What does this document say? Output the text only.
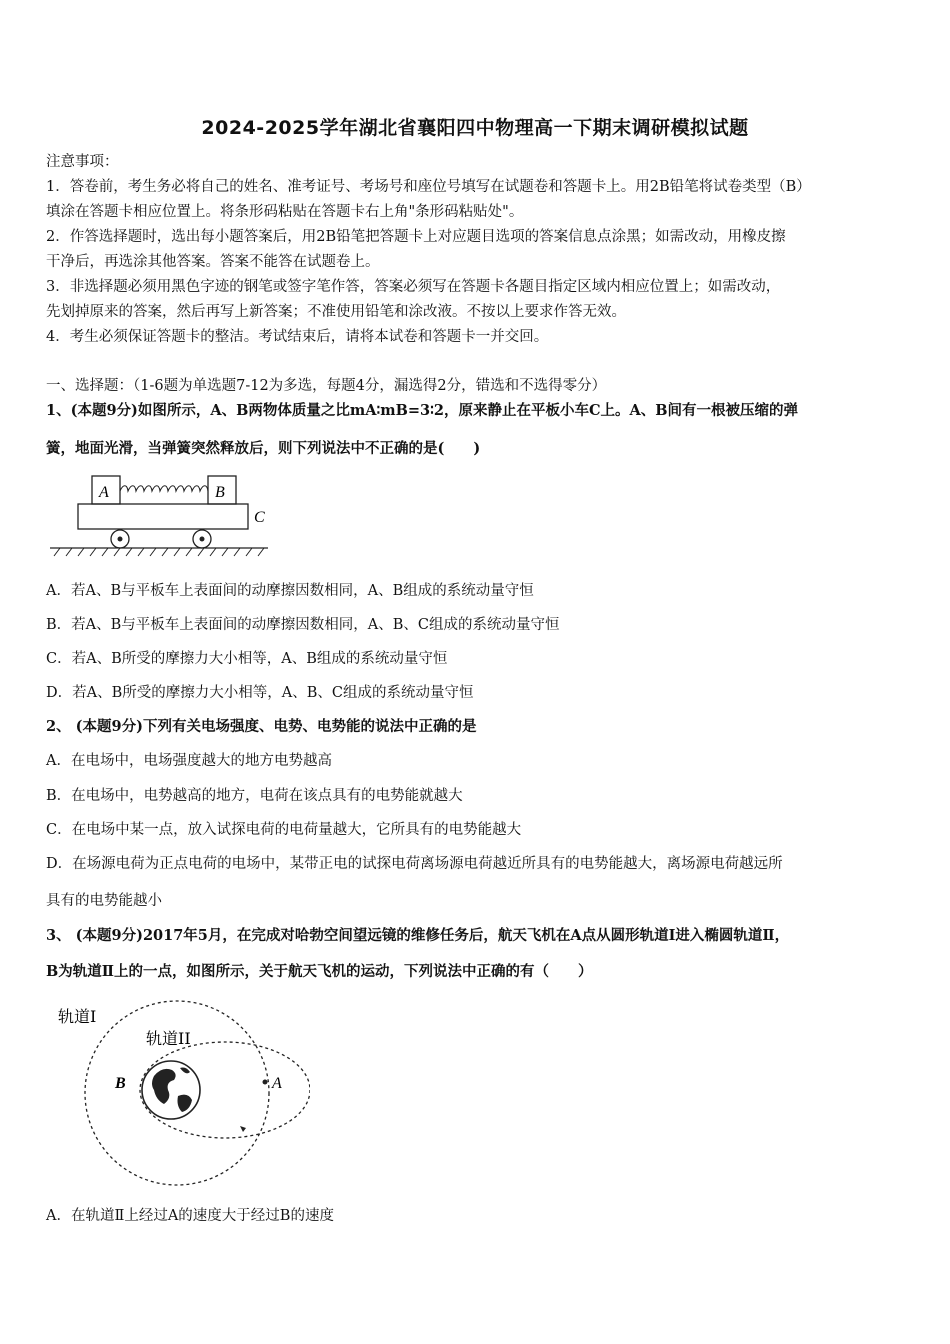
2024-2025学年湖北省襄阳四中物理高一下期末调研模拟试题
注意事项：
1．答卷前，考生务必将自己的姓名、准考证号、考场号和座位号填写在试题卷和答题卡上。用2B铅笔将试卷类型（B）
填涂在答题卡相应位置上。将条形码粘贴在答题卡右上角"条形码粘贴处"。
2．作答选择题时，选出每小题答案后，用2B铅笔把答题卡上对应题目选项的答案信息点涂黑；如需改动，用橡皮擦
干净后，再选涂其他答案。答案不能答在试题卷上。
3．非选择题必须用黑色字迹的钢笔或签字笔作答，答案必须写在答题卡各题目指定区域内相应位置上；如需改动，
先划掉原来的答案，然后再写上新答案；不准使用铅笔和涂改液。不按以上要求作答无效。
4．考生必须保证答题卡的整洁。考试结束后，请将本试卷和答题卡一并交回。
一、选择题：（1-6题为单选题7-12为多选，每题4分，漏选得2分，错选和不选得零分）
1、(本题9分)如图所示，A、B两物体质量之比mA∶mB=3∶2，原来静止在平板小车C上。A、B间有一根被压缩的弹
簧，地面光滑，当弹簧突然释放后，则下列说法中不正确的是(　　)
A	B
C
A．若A、B与平板车上表面间的动摩擦因数相同，A、B组成的系统动量守恒
B．若A、B与平板车上表面间的动摩擦因数相同，A、B、C组成的系统动量守恒
C．若A、B所受的摩擦力大小相等，A、B组成的系统动量守恒
D．若A、B所受的摩擦力大小相等，A、B、C组成的系统动量守恒
2、 (本题9分)下列有关电场强度、电势、电势能的说法中正确的是
A．在电场中，电场强度越大的地方电势越高
B．在电场中，电势越高的地方，电荷在该点具有的电势能就越大
C．在电场中某一点，放入试探电荷的电荷量越大，它所具有的电势能越大
D．在场源电荷为正点电荷的电场中，某带正电的试探电荷离场源电荷越近所具有的电势能越大，离场源电荷越远所
具有的电势能越小
3、 (本题9分)2017年5月，在完成对哈勃空间望远镜的维修任务后，航天飞机在A点从圆形轨道Ⅰ进入椭圆轨道Ⅱ，
B为轨道Ⅱ上的一点，如图所示，关于航天飞机的运动，下列说法中正确的有（　　）
轨道I
轨道II
B	A
A．在轨道Ⅱ上经过A的速度大于经过B的速度
